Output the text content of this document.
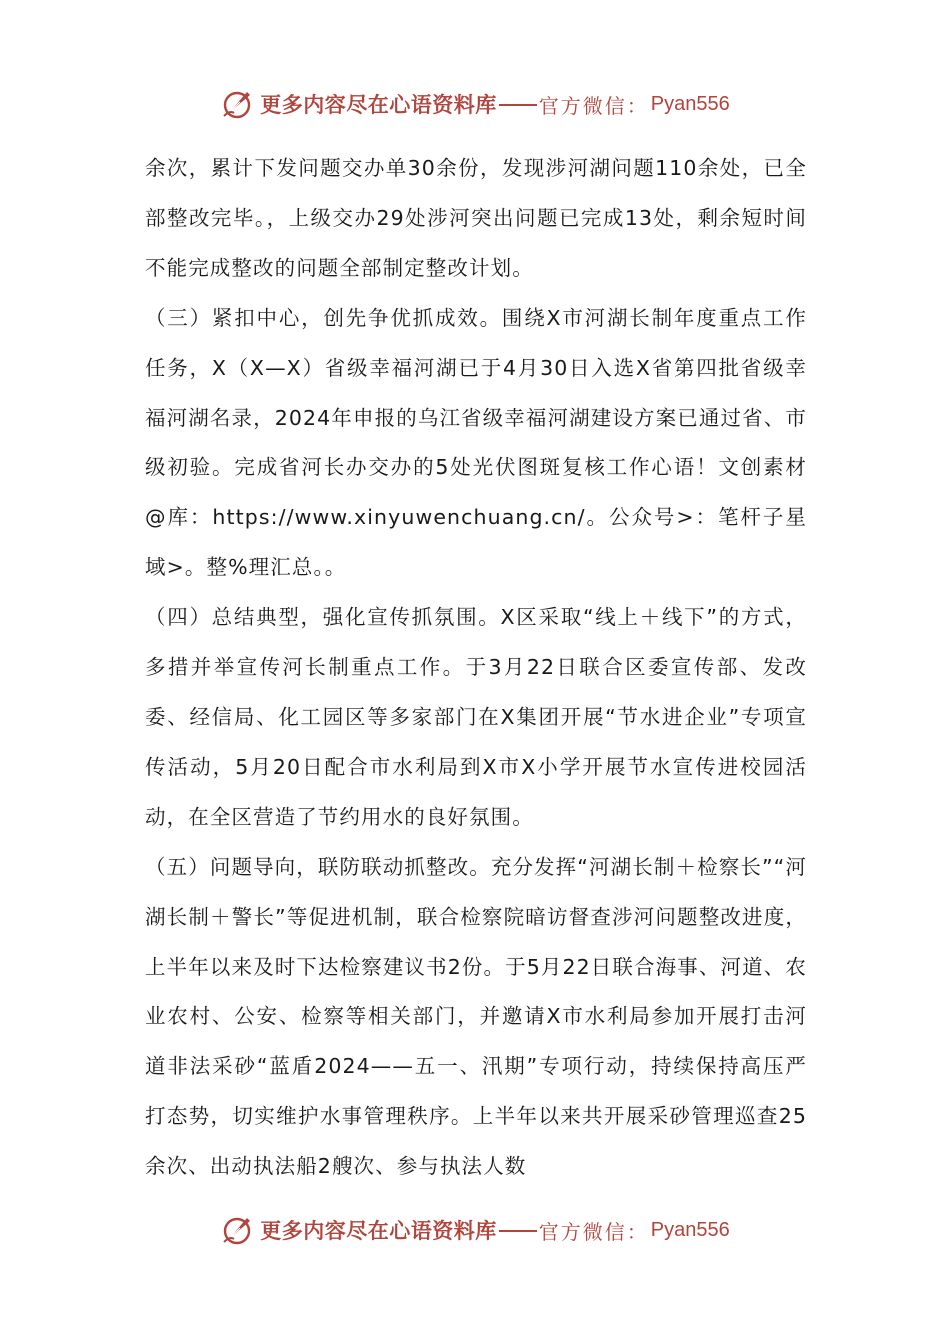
更多内容尽在心语资料库 官方微信： Pyan556

余次，累计下发问题交办单30余份，发现涉河湖问题110余处，已全部整改完毕。，上级交办29处涉河突出问题已完成13处，剩余短时间不能完成整改的问题全部制定整改计划。

（三）紧扣中心，创先争优抓成效。围绕X市河湖长制年度重点工作任务，X（X—X）省级幸福河湖已于4月30日入选X省第四批省级幸福河湖名录，2024年申报的乌江省级幸福河湖建设方案已通过省、市级初验。完成省河长办交办的5处光伏图斑复核工作心语！文创素材@库：https://www.xinyuwenchuang.cn/。公众号>：笔杆子星域>。整%理汇总。。

（四）总结典型，强化宣传抓氛围。X区采取“线上＋线下”的方式，多措并举宣传河长制重点工作。于3月22日联合区委宣传部、发改委、经信局、化工园区等多家部门在X集团开展“节水进企业”专项宣传活动，5月20日配合市水利局到X市X小学开展节水宣传进校园活动，在全区营造了节约用水的良好氛围。

（五）问题导向，联防联动抓整改。充分发挥“河湖长制＋检察长”“河湖长制＋警长”等促进机制，联合检察院暗访督查涉河问题整改进度，上半年以来及时下达检察建议书2份。于5月22日联合海事、河道、农业农村、公安、检察等相关部门，并邀请X市水利局参加开展打击河道非法采砂“蓝盾2024——五一、汛期”专项行动，持续保持高压严打态势，切实维护水事管理秩序。上半年以来共开展采砂管理巡查25余次、出动执法船2艘次、参与执法人数

更多内容尽在心语资料库 官方微信： Pyan556
